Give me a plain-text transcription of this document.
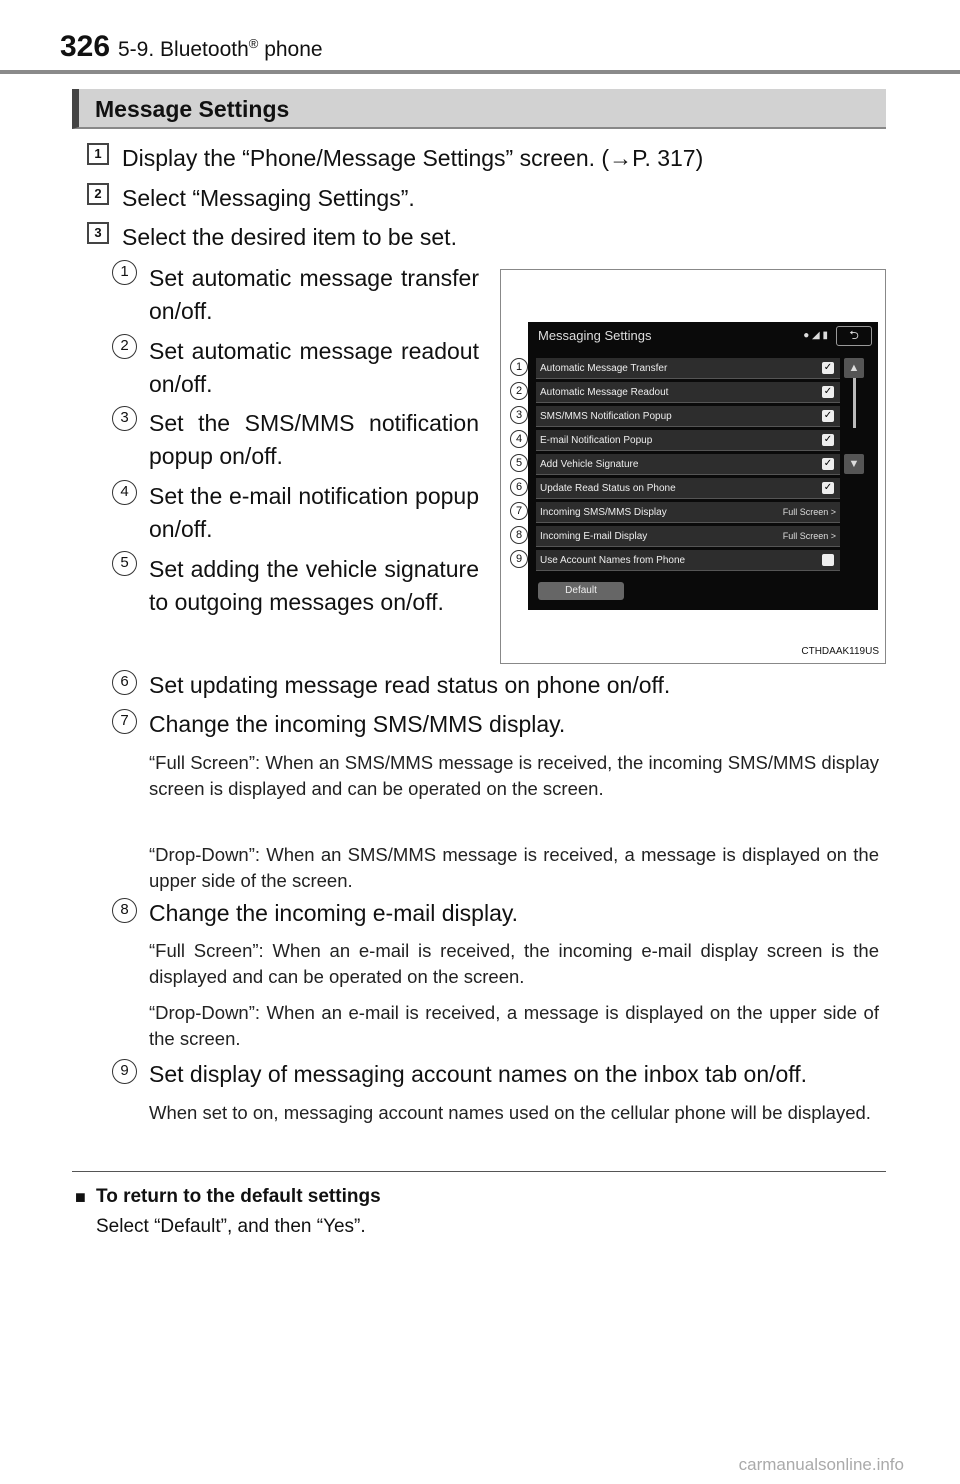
326 5-9. Bluetooth® phone
Message Settings
1 Display the “Phone/Message Settings” screen. (→P. 317)
2 Select “Messaging Settings”.
3 Select the desired item to be set.
1 Set automatic message transfer on/off.
2 Set automatic message readout on/off.
3 Set the SMS/MMS notification popup on/off.
4 Set the e-mail notification popup on/off.
5 Set adding the vehicle signature to outgoing messages on/off.
Messaging Settings	● ◢ ▮	⮌
Automatic Message Transfer	✓
Automatic Message Readout	✓
SMS/MMS Notification Popup	✓
E-mail Notification Popup	✓
Add Vehicle Signature	✓
Update Read Status on Phone	✓
Incoming SMS/MMS Display	Full Screen >
Incoming E-mail Display	Full Screen >
Use Account Names from Phone
▲
▼
Default
1
2
3
4
5
6
7
8
9
CTHDAAK119US
6 Set updating message read status on phone on/off.
7 Change the incoming SMS/MMS display.
“Full Screen”: When an SMS/MMS message is received, the incoming SMS/MMS display screen is displayed and can be operated on the screen.
“Drop-Down”: When an SMS/MMS message is received, a message is displayed on the upper side of the screen.
8 Change the incoming e-mail display.
“Full Screen”: When an e-mail is received, the incoming e-mail display screen is the displayed and can be operated on the screen.
“Drop-Down”: When an e-mail is received, a message is displayed on the upper side of the screen.
9 Set display of messaging account names on the inbox tab on/off.
When set to on, messaging account names used on the cellular phone will be displayed.
■ To return to the default settings
Select “Default”, and then “Yes”.
carmanualsonline.info
